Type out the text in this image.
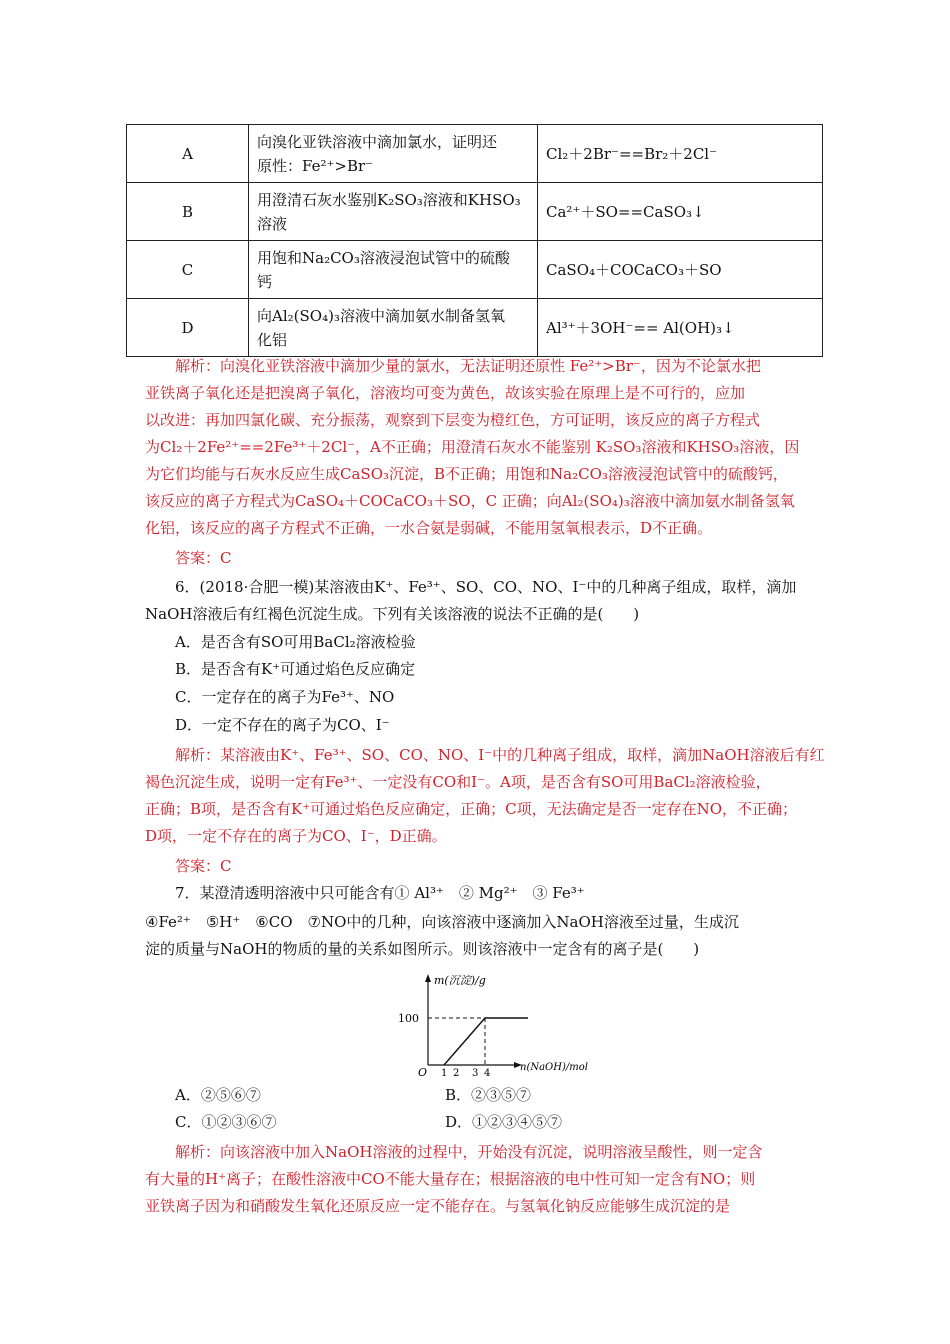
A	向溴化亚铁溶液中滴加氯水，证明还
原性：Fe²⁺>Br⁻	Cl₂＋2Br⁻==Br₂＋2Cl⁻
B	用澄清石灰水鉴别K₂SO₃溶液和KHSO₃
溶液	Ca²⁺＋SO==CaSO₃↓
C	用饱和Na₂CO₃溶液浸泡试管中的硫酸
钙	CaSO₄＋COCaCO₃＋SO
D	向Al₂(SO₄)₃溶液中滴加氨水制备氢氧
化铝	Al³⁺＋3OH⁻== Al(OH)₃↓
解析：向溴化亚铁溶液中滴加少量的氯水，无法证明还原性 Fe²⁺>Br⁻，因为不论氯水把
亚铁离子氧化还是把溴离子氧化，溶液均可变为黄色，故该实验在原理上是不可行的，应加
以改进：再加四氯化碳、充分振荡，观察到下层变为橙红色，方可证明，该反应的离子方程式
为Cl₂＋2Fe²⁺==2Fe³⁺＋2Cl⁻，A不正确；用澄清石灰水不能鉴别 K₂SO₃溶液和KHSO₃溶液，因
为它们均能与石灰水反应生成CaSO₃沉淀，B不正确；用饱和Na₂CO₃溶液浸泡试管中的硫酸钙，
该反应的离子方程式为CaSO₄＋COCaCO₃＋SO，C 正确；向Al₂(SO₄)₃溶液中滴加氨水制备氢氧
化铝，该反应的离子方程式不正确，一水合氨是弱碱，不能用氢氧根表示，D不正确。
答案：C
6．(2018·合肥一模)某溶液由K⁺、Fe³⁺、SO、CO、NO、I⁻中的几种离子组成，取样，滴加
NaOH溶液后有红褐色沉淀生成。下列有关该溶液的说法不正确的是(　　)
A．是否含有SO可用BaCl₂溶液检验
B．是否含有K⁺可通过焰色反应确定
C．一定存在的离子为Fe³⁺、NO
D．一定不存在的离子为CO、I⁻
解析：某溶液由K⁺、Fe³⁺、SO、CO、NO、I⁻中的几种离子组成，取样，滴加NaOH溶液后有红
褐色沉淀生成，说明一定有Fe³⁺、一定没有CO和I⁻。A项，是否含有SO可用BaCl₂溶液检验，
正确；B项，是否含有K⁺可通过焰色反应确定，正确；C项，无法确定是否一定存在NO，不正确；
D项，一定不存在的离子为CO、I⁻，D正确。
答案：C
7．某澄清透明溶液中只可能含有① Al³⁺　② Mg²⁺　③ Fe³⁺
④Fe²⁺　⑤H⁺　⑥CO　⑦NO中的几种，向该溶液中逐滴加入NaOH溶液至过量，生成沉
淀的质量与NaOH的物质的量的关系如图所示。则该溶液中一定含有的离子是(　　)
m(沉淀)/g
100
O 1 2 3 4
n(NaOH)/mol
A．②⑤⑥⑦	B．②③⑤⑦
C．①②③⑥⑦	D．①②③④⑤⑦
解析：向该溶液中加入NaOH溶液的过程中，开始没有沉淀，说明溶液呈酸性，则一定含
有大量的H⁺离子；在酸性溶液中CO不能大量存在；根据溶液的电中性可知一定含有NO；则
亚铁离子因为和硝酸发生氧化还原反应一定不能存在。与氢氧化钠反应能够生成沉淀的是
